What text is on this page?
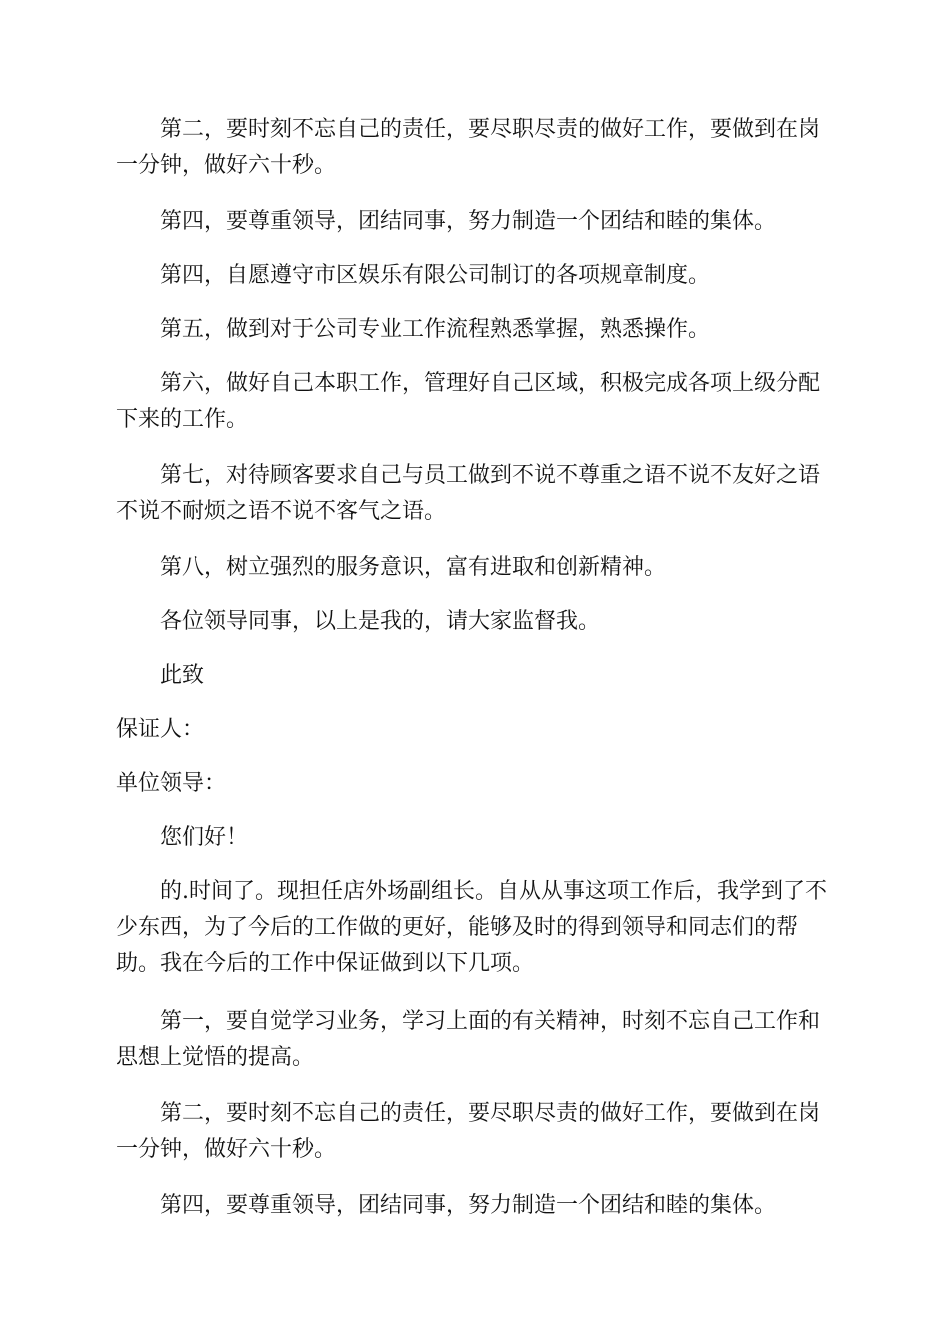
第二，要时刻不忘自己的责任，要尽职尽责的做好工作，要做到在岗一分钟，做好六十秒。

第四，要尊重领导，团结同事，努力制造一个团结和睦的集体。

第四，自愿遵守市区娱乐有限公司制订的各项规章制度。

第五，做到对于公司专业工作流程熟悉掌握，熟悉操作。

第六，做好自己本职工作，管理好自己区域，积极完成各项上级分配下来的工作。

第七，对待顾客要求自己与员工做到不说不尊重之语不说不友好之语不说不耐烦之语不说不客气之语。

第八，树立强烈的服务意识，富有进取和创新精神。

各位领导同事，以上是我的，请大家监督我。

此致

保证人：

单位领导：

您们好！

的.时间了。现担任店外场副组长。自从从事这项工作后，我学到了不少东西，为了今后的工作做的更好，能够及时的得到领导和同志们的帮助。我在今后的工作中保证做到以下几项。

第一，要自觉学习业务，学习上面的有关精神，时刻不忘自己工作和思想上觉悟的提高。

第二，要时刻不忘自己的责任，要尽职尽责的做好工作，要做到在岗一分钟，做好六十秒。

第四，要尊重领导，团结同事，努力制造一个团结和睦的集体。
